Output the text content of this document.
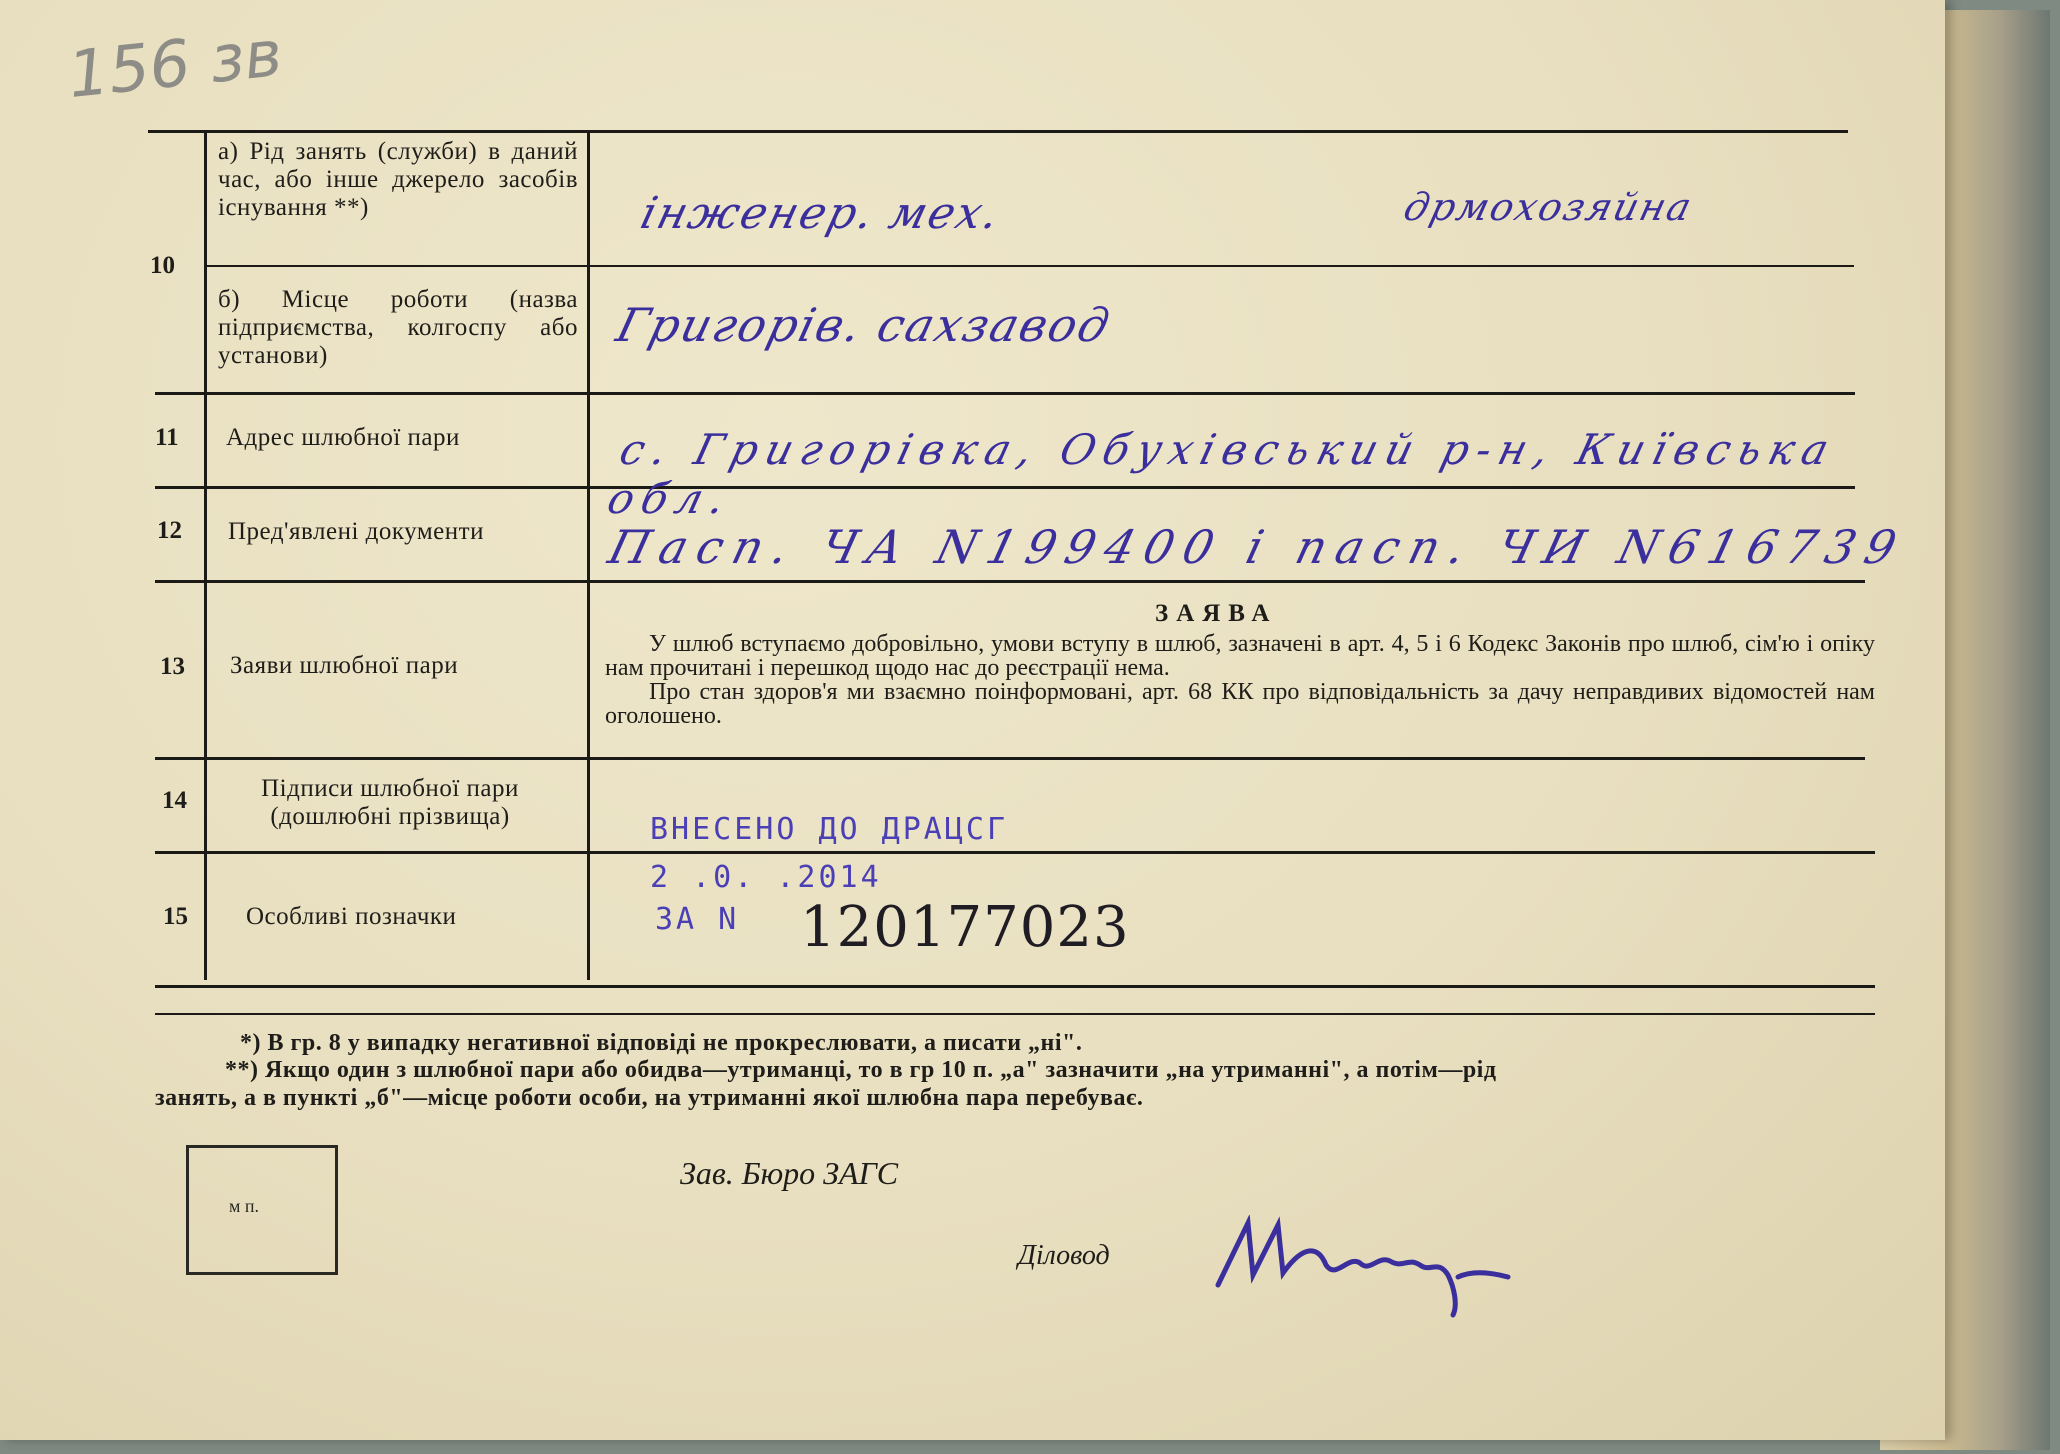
156 зв
10
11
12
13
14
15
а) Рід занять (служби) в даний час, або інше джерело засобів існування **)
б) Місце роботи (назва підприємства, колгоспу або установи)
Адрес шлюбної пари
Пред'явлені документи
Заяви шлюбної пари
Підписи шлюбної пари (дошлюбні прізвища)
Особливі позначки
інженер. мех.	дрмохозяйна
Григорів. сахзавод
с. Григорівка, Обухівський р-н, Київська обл.
Пасп. ЧА N199400 і пасп. ЧИ N616739
ЗАЯВА

У шлюб вступаємо добровільно, умови вступу в шлюб, зазначені в арт. 4, 5 і 6 Кодекс Законів про шлюб, сім'ю і опіку нам прочитані і перешкод щодо нас до реєстрації нема.

Про стан здоров'я ми взаємно поінформовані, арт. 68 КК про відповідальність за дачу неправдивих відомостей нам оголошено.

ВНЕСЕНО ДО ДРАЦСГ
2 .0. .2014
ЗА N 120177023
*) В гр. 8 у випадку негативної відповіді не прокреслювати, а писати „ні".
**) Якщо один з шлюбної пари або обидва—утриманці, то в гр 10 п. „а" зазначити „на утриманні", а потім—рід
занять, а в пункті „б"—місце роботи особи, на утриманні якої шлюбна пара перебуває.
м п.
Зав. Бюро ЗАГС
Діловод
